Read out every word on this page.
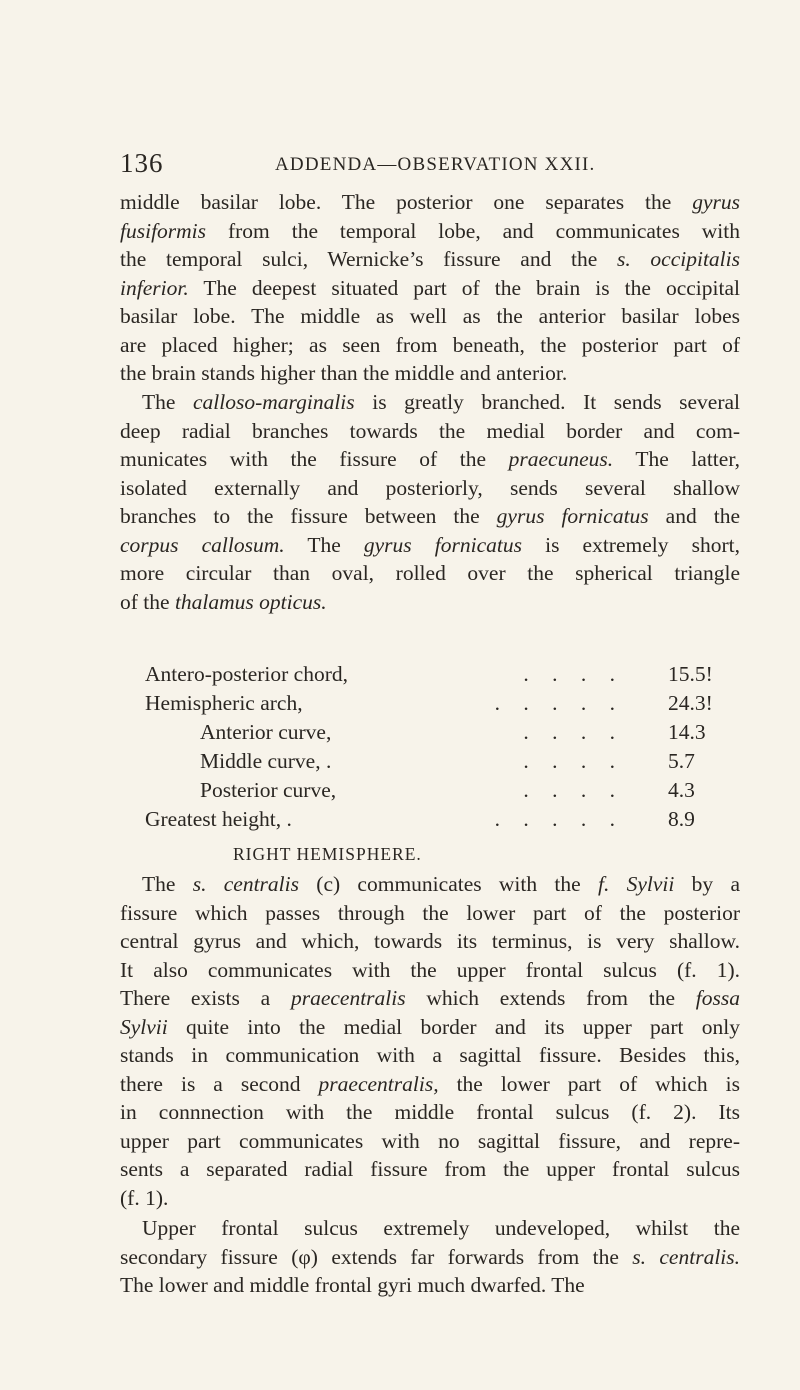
136	ADDENDA—OBSERVATION XXII.
middle basilar lobe. The posterior one separates the gyrus
fusiformis from the temporal lobe, and communicates with
the temporal sulci, Wernicke’s fissure and the s. occipitalis
inferior. The deepest situated part of the brain is the occipital
basilar lobe. The middle as well as the anterior basilar lobes
are placed higher; as seen from beneath, the posterior part of
the brain stands higher than the middle and anterior.
The calloso-marginalis is greatly branched. It sends several
deep radial branches towards the medial border and com-
municates with the fissure of the praecuneus. The latter,
isolated externally and posteriorly, sends several shallow
branches to the fissure between the gyrus fornicatus and the
corpus callosum. The gyrus fornicatus is extremely short,
more circular than oval, rolled over the spherical triangle
of the thalamus opticus.
Antero-posterior chord,	. . . . 15.5!
Hemispheric arch,	. . . . . 24.3!
Anterior curve,	. . . . 14.3
Middle curve, .	. . . . 5.7
Posterior curve,	. . . . 4.3
Greatest height, .	. . . . . 8.9
RIGHT HEMISPHERE.
The s. centralis (c) communicates with the f. Sylvii by a
fissure which passes through the lower part of the posterior
central gyrus and which, towards its terminus, is very shallow.
It also communicates with the upper frontal sulcus (f. 1).
There exists a praecentralis which extends from the fossa
Sylvii quite into the medial border and its upper part only
stands in communication with a sagittal fissure. Besides this,
there is a second praecentralis, the lower part of which is
in connnection with the middle frontal sulcus (f. 2). Its
upper part communicates with no sagittal fissure, and repre-
sents a separated radial fissure from the upper frontal sulcus
(f. 1).
Upper frontal sulcus extremely undeveloped, whilst the
secondary fissure (φ) extends far forwards from the s. centralis.
The lower and middle frontal gyri much dwarfed. The
